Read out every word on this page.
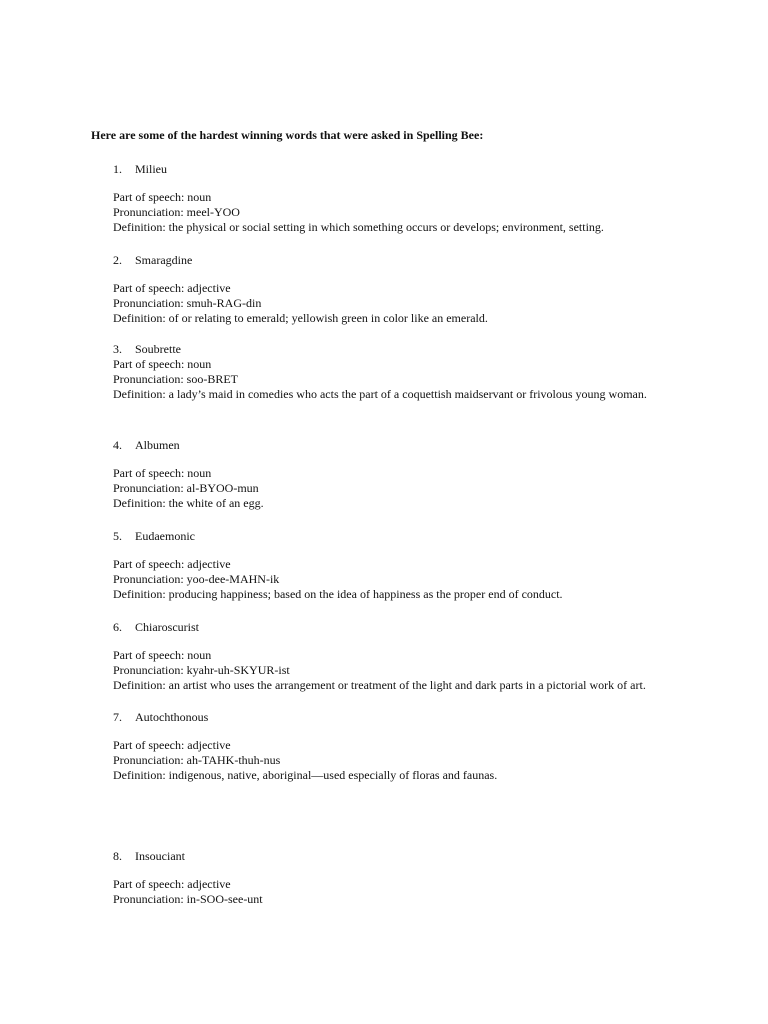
Here are some of the hardest winning words that were asked in Spelling Bee:
1.	Milieu
Part of speech: noun
Pronunciation: meel-YOO
Definition: the physical or social setting in which something occurs or develops; environment, setting.
2.	Smaragdine
Part of speech: adjective
Pronunciation: smuh-RAG-din
Definition: of or relating to emerald; yellowish green in color like an emerald.
3.	Soubrette
Part of speech: noun
Pronunciation: soo-BRET
Definition: a lady’s maid in comedies who acts the part of a coquettish maidservant or frivolous young woman.
4.	Albumen
Part of speech: noun
Pronunciation: al-BYOO-mun
Definition: the white of an egg.
5.	Eudaemonic
Part of speech: adjective
Pronunciation: yoo-dee-MAHN-ik
Definition: producing happiness; based on the idea of happiness as the proper end of conduct.
6.	Chiaroscurist
Part of speech: noun
Pronunciation: kyahr-uh-SKYUR-ist
Definition: an artist who uses the arrangement or treatment of the light and dark parts in a pictorial work of art.
7.	Autochthonous
Part of speech: adjective
Pronunciation: ah-TAHK-thuh-nus
Definition: indigenous, native, aboriginal—used especially of floras and faunas.
8.	Insouciant
Part of speech: adjective
Pronunciation: in-SOO-see-unt
